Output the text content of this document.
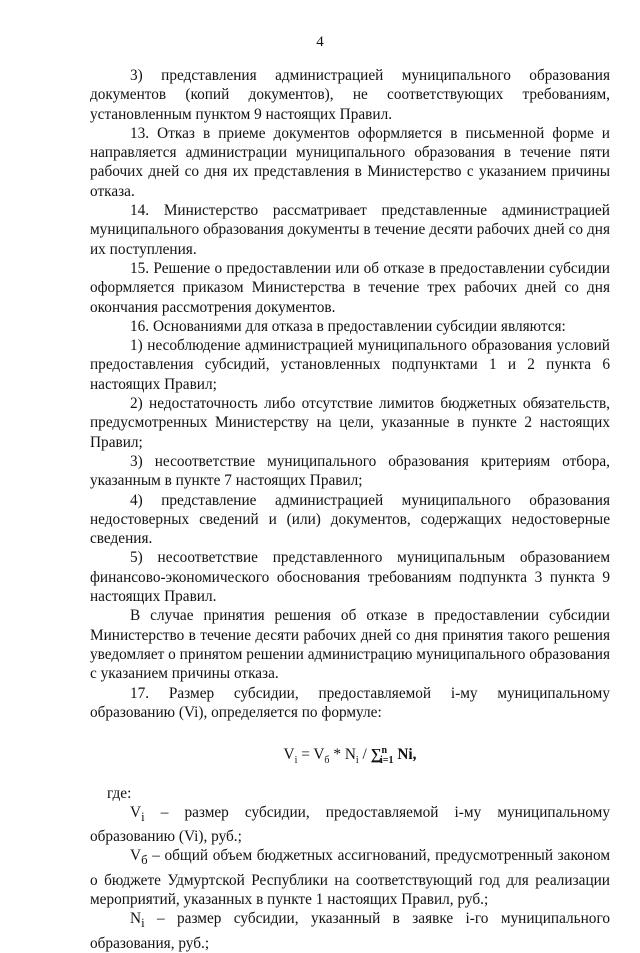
4

3) представления администрацией муниципального образования документов (копий документов), не соответствующих требованиям, установленным пунктом 9 настоящих Правил.

13. Отказ в приеме документов оформляется в письменной форме и направляется администрации муниципального образования в течение пяти рабочих дней со дня их представления в Министерство с указанием причины отказа.

14. Министерство рассматривает представленные администрацией муниципального образования документы в течение десяти рабочих дней со дня их поступления.

15. Решение о предоставлении или об отказе в предоставлении субсидии оформляется приказом Министерства в течение трех рабочих дней со дня окончания рассмотрения документов.

16. Основаниями для отказа в предоставлении субсидии являются:

1) несоблюдение администрацией муниципального образования условий предоставления субсидий, установленных подпунктами 1 и 2 пункта 6 настоящих Правил;

2) недостаточность либо отсутствие лимитов бюджетных обязательств, предусмотренных Министерству на цели, указанные в пункте 2 настоящих Правил;

3) несоответствие муниципального образования критериям отбора, указанным в пункте 7 настоящих Правил;

4) представление администрацией муниципального образования недостоверных сведений и (или) документов, содержащих недостоверные сведения.

5) несоответствие представленного муниципальным образованием финансово-экономического обоснования требованиям подпункта 3 пункта 9 настоящих Правил.

В случае принятия решения об отказе в предоставлении субсидии Министерство в течение десяти рабочих дней со дня принятия такого решения уведомляет о принятом решении администрацию муниципального образования с указанием причины отказа.

17. Размер субсидии, предоставляемой i-му муниципальному образованию (Vi), определяется по формуле:

$V_i = V_б * N_i / \sum^n_{i=1}$ Ni,

где:

$V_i$ – размер субсидии, предоставляемой i-му муниципальному образованию (Vi), руб.;

$V_б$ – общий объем бюджетных ассигнований, предусмотренный законом о бюджете Удмуртской Республики на соответствующий год для реализации мероприятий, указанных в пункте 1 настоящих Правил, руб.;

$N_i$ – размер субсидии, указанный в заявке i-го муниципального образования, руб.;
